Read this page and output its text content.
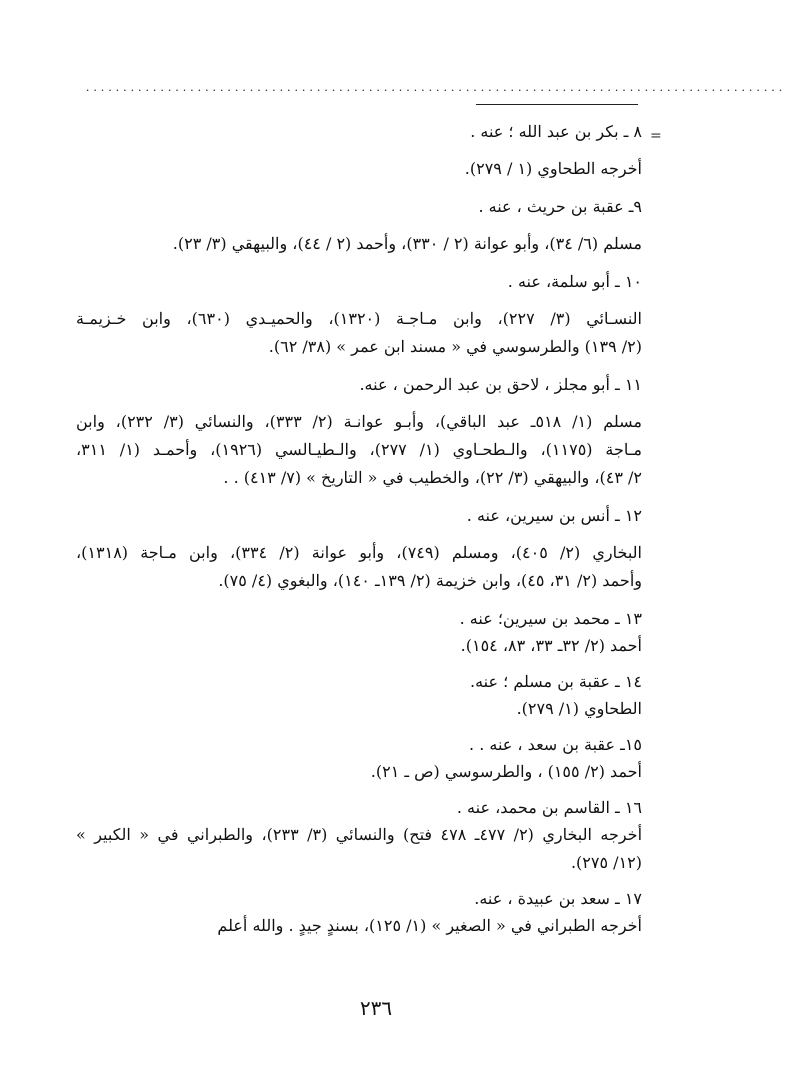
..............................................................................................
=
٨ ـ بكر بن عبد الله ؛ عنه .
أخرجه الطحاوي (١ / ٢٧٩).
٩ـ عقبة بن حريث ، عنه .
مسلم (٦/ ٣٤)، وأبو عوانة (٢ / ٣٣٠)، وأحمد (٢ / ٤٤)، والبيهقي (٣/ ٢٣).
١٠ ـ أبو سلمة، عنه .
النسـائي (٣/ ٢٢٧)، وابن مـاجـة (١٣٢٠)، والحميـدي (٦٣٠)، وابن خـزيمـة
(٢/ ١٣٩) والطرسوسي في « مسند ابن عمر » (٣٨/ ٦٢).
١١ ـ أبو مجلز ، لاحق بن عبد الرحمن ، عنه.
مسلم (١/ ٥١٨ـ عبد الباقي)، وأبـو عوانـة (٢/ ٣٣٣)، والنسائي (٣/ ٢٣٢)، وابن
مـاجة (١١٧٥)، والـطحـاوي (١/ ٢٧٧)، والـطيـالسي (١٩٢٦)، وأحمـد (١/ ٣١١،
٢/ ٤٣)، والبيهقي (٣/ ٢٢)، والخطيب في « التاريخ » (٧/ ٤١٣) . .
١٢ ـ أنس بن سيرين، عنه .
البخاري (٢/ ٤٠٥)، ومسلم (٧٤٩)، وأبو عوانة (٢/ ٣٣٤)، وابن مـاجة (١٣١٨)،
وأحمد (٢/ ٣١، ٤٥)، وابن خزيمة (٢/ ١٣٩ـ ١٤٠)، والبغوي (٤/ ٧٥).
١٣ ـ محمد بن سيرين؛ عنه .
أحمد (٢/ ٣٢ـ ٣٣، ٨٣، ١٥٤).
١٤ ـ عقبة بن مسلم ؛ عنه.
الطحاوي (١/ ٢٧٩).
١٥ـ عقبة بن سعد ، عنه . .
أحمد (٢/ ١٥٥) ، والطرسوسي (ص ـ ٢١).
١٦ ـ القاسم بن محمد، عنه .
أخرجه البخاري (٢/ ٤٧٧ـ ٤٧٨ فتح) والنسائي (٣/ ٢٣٣)، والطبراني في « الكبير »
(١٢/ ٢٧٥).
١٧ ـ سعد بن عبيدة ، عنه.
أخرجه الطبراني في « الصغير » (١/ ١٢٥)، بسندٍ جيدٍ . والله أعلم
٢٣٦
